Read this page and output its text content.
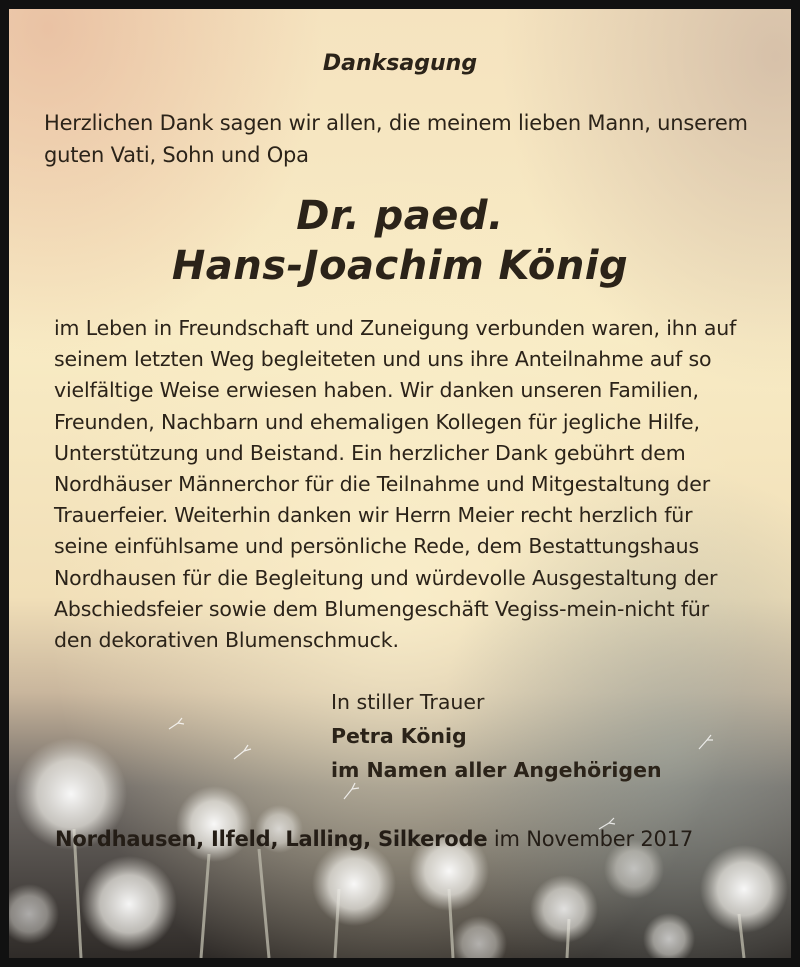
Danksagung
Herzlichen Dank sagen wir allen, die meinem lieben Mann, unserem
guten Vati, Sohn und Opa
Dr. paed.
Hans-Joachim König
im Leben in Freundschaft und Zuneigung verbunden waren, ihn auf
seinem letzten Weg begleiteten und uns ihre Anteilnahme auf so
vielfältige Weise erwiesen haben. Wir danken unseren Familien,
Freunden, Nachbarn und ehemaligen Kollegen für jegliche Hilfe,
Unterstützung und Beistand. Ein herzlicher Dank gebührt dem
Nordhäuser Männerchor für die Teilnahme und Mitgestaltung der
Trauerfeier. Weiterhin danken wir Herrn Meier recht herzlich für
seine einfühlsame und persönliche Rede, dem Bestattungshaus
Nordhausen für die Begleitung und würdevolle Ausgestaltung der
Abschiedsfeier sowie dem Blumengeschäft Vegiss-mein-nicht für
den dekorativen Blumenschmuck.
In stiller Trauer
Petra König
im Namen aller Angehörigen
Nordhausen, Ilfeld, Lalling, Silkerode im November 2017
